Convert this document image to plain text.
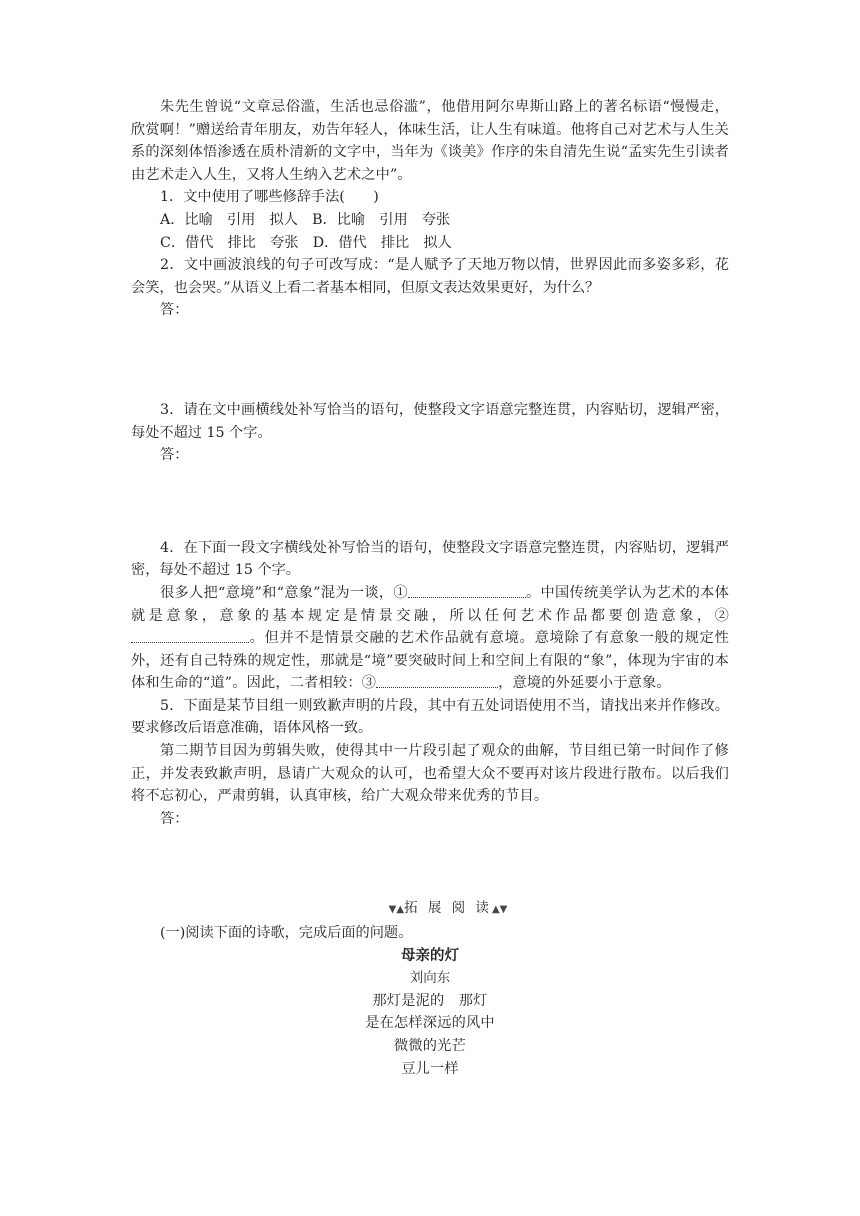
朱先生曾说“文章忌俗滥，生活也忌俗滥”，他借用阿尔卑斯山路上的著名标语“慢慢走，欣赏啊！”赠送给青年朋友，劝告年轻人，体味生活，让人生有味道。他将自己对艺术与人生关系的深刻体悟渗透在质朴清新的文字中，当年为《谈美》作序的朱自清先生说“孟实先生引读者由艺术走入人生，又将人生纳入艺术之中”。

1．文中使用了哪些修辞手法(　　)

A．比喻　引用　拟人　B．比喻　引用　夸张

C．借代　排比　夸张　D．借代　排比　拟人

2．文中画波浪线的句子可改写成：“是人赋予了天地万物以情，世界因此而多姿多彩，花会笑，也会哭。”从语义上看二者基本相同，但原文表达效果更好，为什么？

答：

3．请在文中画横线处补写恰当的语句，使整段文字语意完整连贯，内容贴切，逻辑严密，每处不超过 15 个字。

答：

4．在下面一段文字横线处补写恰当的语句，使整段文字语意完整连贯，内容贴切，逻辑严密，每处不超过 15 个字。

很多人把“意境”和“意象”混为一谈，①	。中国传统美学认为艺术的本体就是意象，意象的基本规定是情景交融，所以任何艺术作品都要创造意象，②。但并不是情景交融的艺术作品就有意境。意境除了有意象一般的规定性外，还有自己特殊的规定性，那就是“境”要突破时间上和空间上有限的“象”，体现为宇宙的本体和生命的“道”。因此，二者相较：③	，意境的外延要小于意象。

5．下面是某节目组一则致歉声明的片段，其中有五处词语使用不当，请找出来并作修改。要求修改后语意准确，语体风格一致。

第二期节目因为剪辑失败，使得其中一片段引起了观众的曲解，节目组已第一时间作了修正，并发表致歉声明，恳请广大观众的认可，也希望大众不要再对该片段进行散布。以后我们将不忘初心，严肃剪辑，认真审核，给广大观众带来优秀的节目。

答：

▼▲拓 展 阅 读▲▼

(一)阅读下面的诗歌，完成后面的问题。

母亲的灯

刘向东

那灯是泥的　那灯

是在怎样深远的风中

微微的光芒

豆儿一样
